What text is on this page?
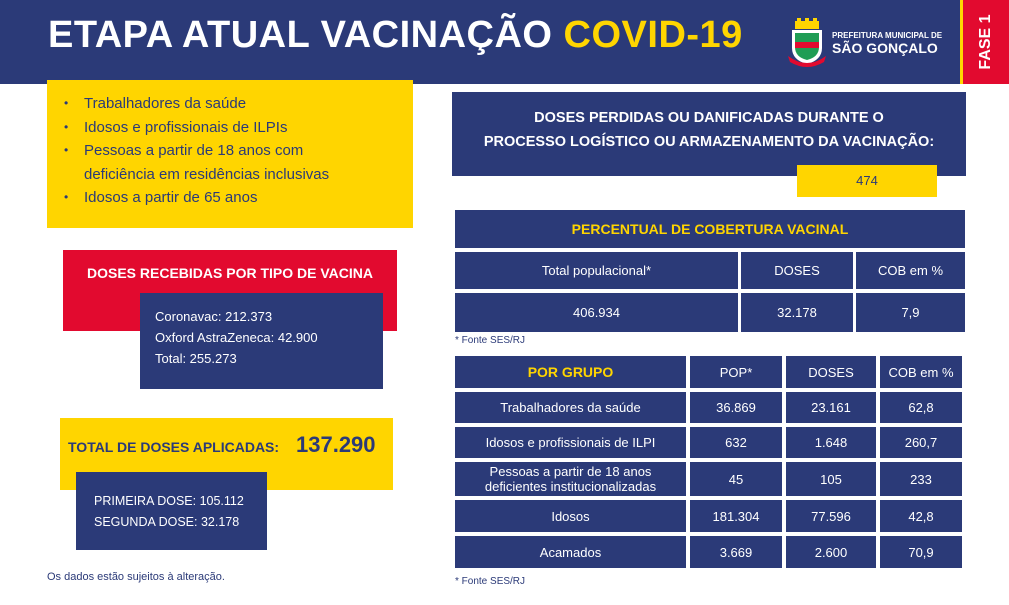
ETAPA ATUAL VACINAÇÃO COVID-19	PREFEITURA MUNICIPAL DE
SÃO GONÇALO FASE 1
• Trabalhadores da saúde
• Idosos e profissionais de ILPIs
• Pessoas a partir de 18 anos com
deficiência em residências inclusivas
• Idosos a partir de 65 anos
DOSES PERDIDAS OU DANIFICADAS DURANTE O
PROCESSO LOGÍSTICO OU ARMAZENAMENTO DA VACINAÇÃO:
474
DOSES RECEBIDAS POR TIPO DE VACINA
Coronavac: 212.373
Oxford AstraZeneca: 42.900
Total: 255.273
TOTAL DE DOSES APLICADAS: 137.290
PRIMEIRA DOSE: 105.112
SEGUNDA DOSE: 32.178
Os dados estão sujeitos à alteração.
PERCENTUAL DE COBERTURA VACINAL
Total populacional*	DOSES	COB em %
406.934	32.178	7,9
* Fonte SES/RJ
POR GRUPO	POP*	DOSES	COB em %
Trabalhadores da saúde	36.869	23.161	62,8
Idosos e profissionais de ILPI	632	1.648	260,7
Pessoas a partir de 18 anos
deficientes institucionalizadas	45	105	233
Idosos	181.304	77.596	42,8
Acamados	3.669	2.600	70,9
* Fonte SES/RJ
